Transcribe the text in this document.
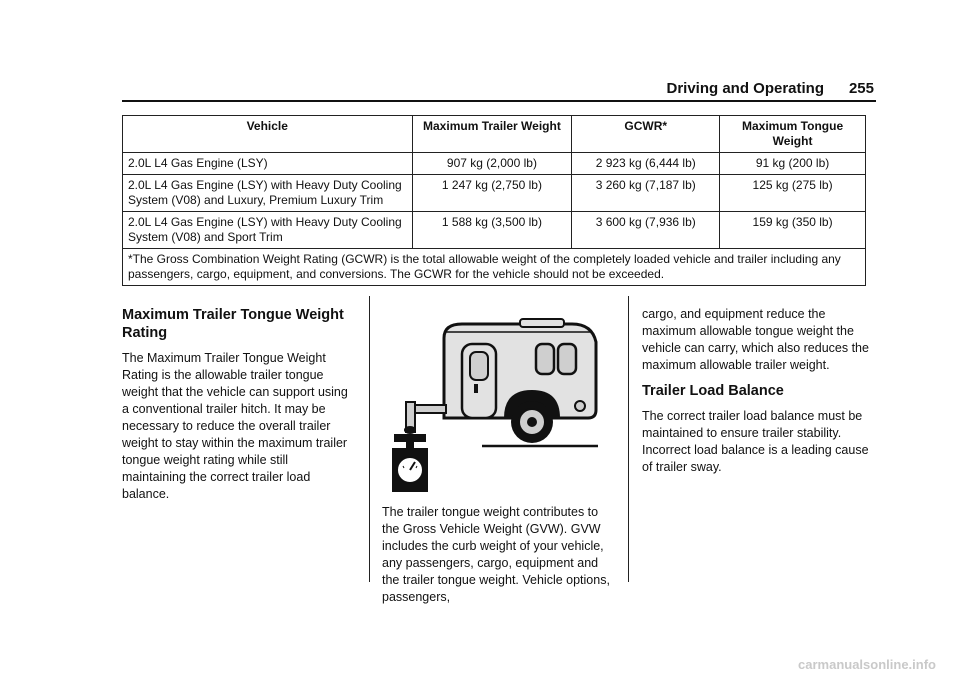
Driving and Operating 255
Vehicle	Maximum Trailer Weight	GCWR*	Maximum Tongue Weight
2.0L L4 Gas Engine (LSY)	907 kg (2,000 lb)	2 923 kg (6,444 lb)	91 kg (200 lb)
2.0L L4 Gas Engine (LSY) with Heavy Duty Cooling System (V08) and Luxury, Premium Luxury Trim	1 247 kg (2,750 lb)	3 260 kg (7,187 lb)	125 kg (275 lb)
2.0L L4 Gas Engine (LSY) with Heavy Duty Cooling System (V08) and Sport Trim	1 588 kg (3,500 lb)	3 600 kg (7,936 lb)	159 kg (350 lb)
*The Gross Combination Weight Rating (GCWR) is the total allowable weight of the completely loaded vehicle and trailer including any passengers, cargo, equipment, and conversions. The GCWR for the vehicle should not be exceeded.			
Maximum Trailer Tongue Weight Rating

The Maximum Trailer Tongue Weight Rating is the allowable trailer tongue weight that the vehicle can support using a conventional trailer hitch. It may be necessary to reduce the overall trailer weight to stay within the maximum trailer tongue weight rating while still maintaining the correct trailer load balance.

The trailer tongue weight contributes to the Gross Vehicle Weight (GVW). GVW includes the curb weight of your vehicle, any passengers, cargo, equipment and the trailer tongue weight. Vehicle options, passengers,

cargo, and equipment reduce the maximum allowable tongue weight the vehicle can carry, which also reduces the maximum allowable trailer weight.

Trailer Load Balance

The correct trailer load balance must be maintained to ensure trailer stability. Incorrect load balance is a leading cause of trailer sway.

carmanualsonline.info
